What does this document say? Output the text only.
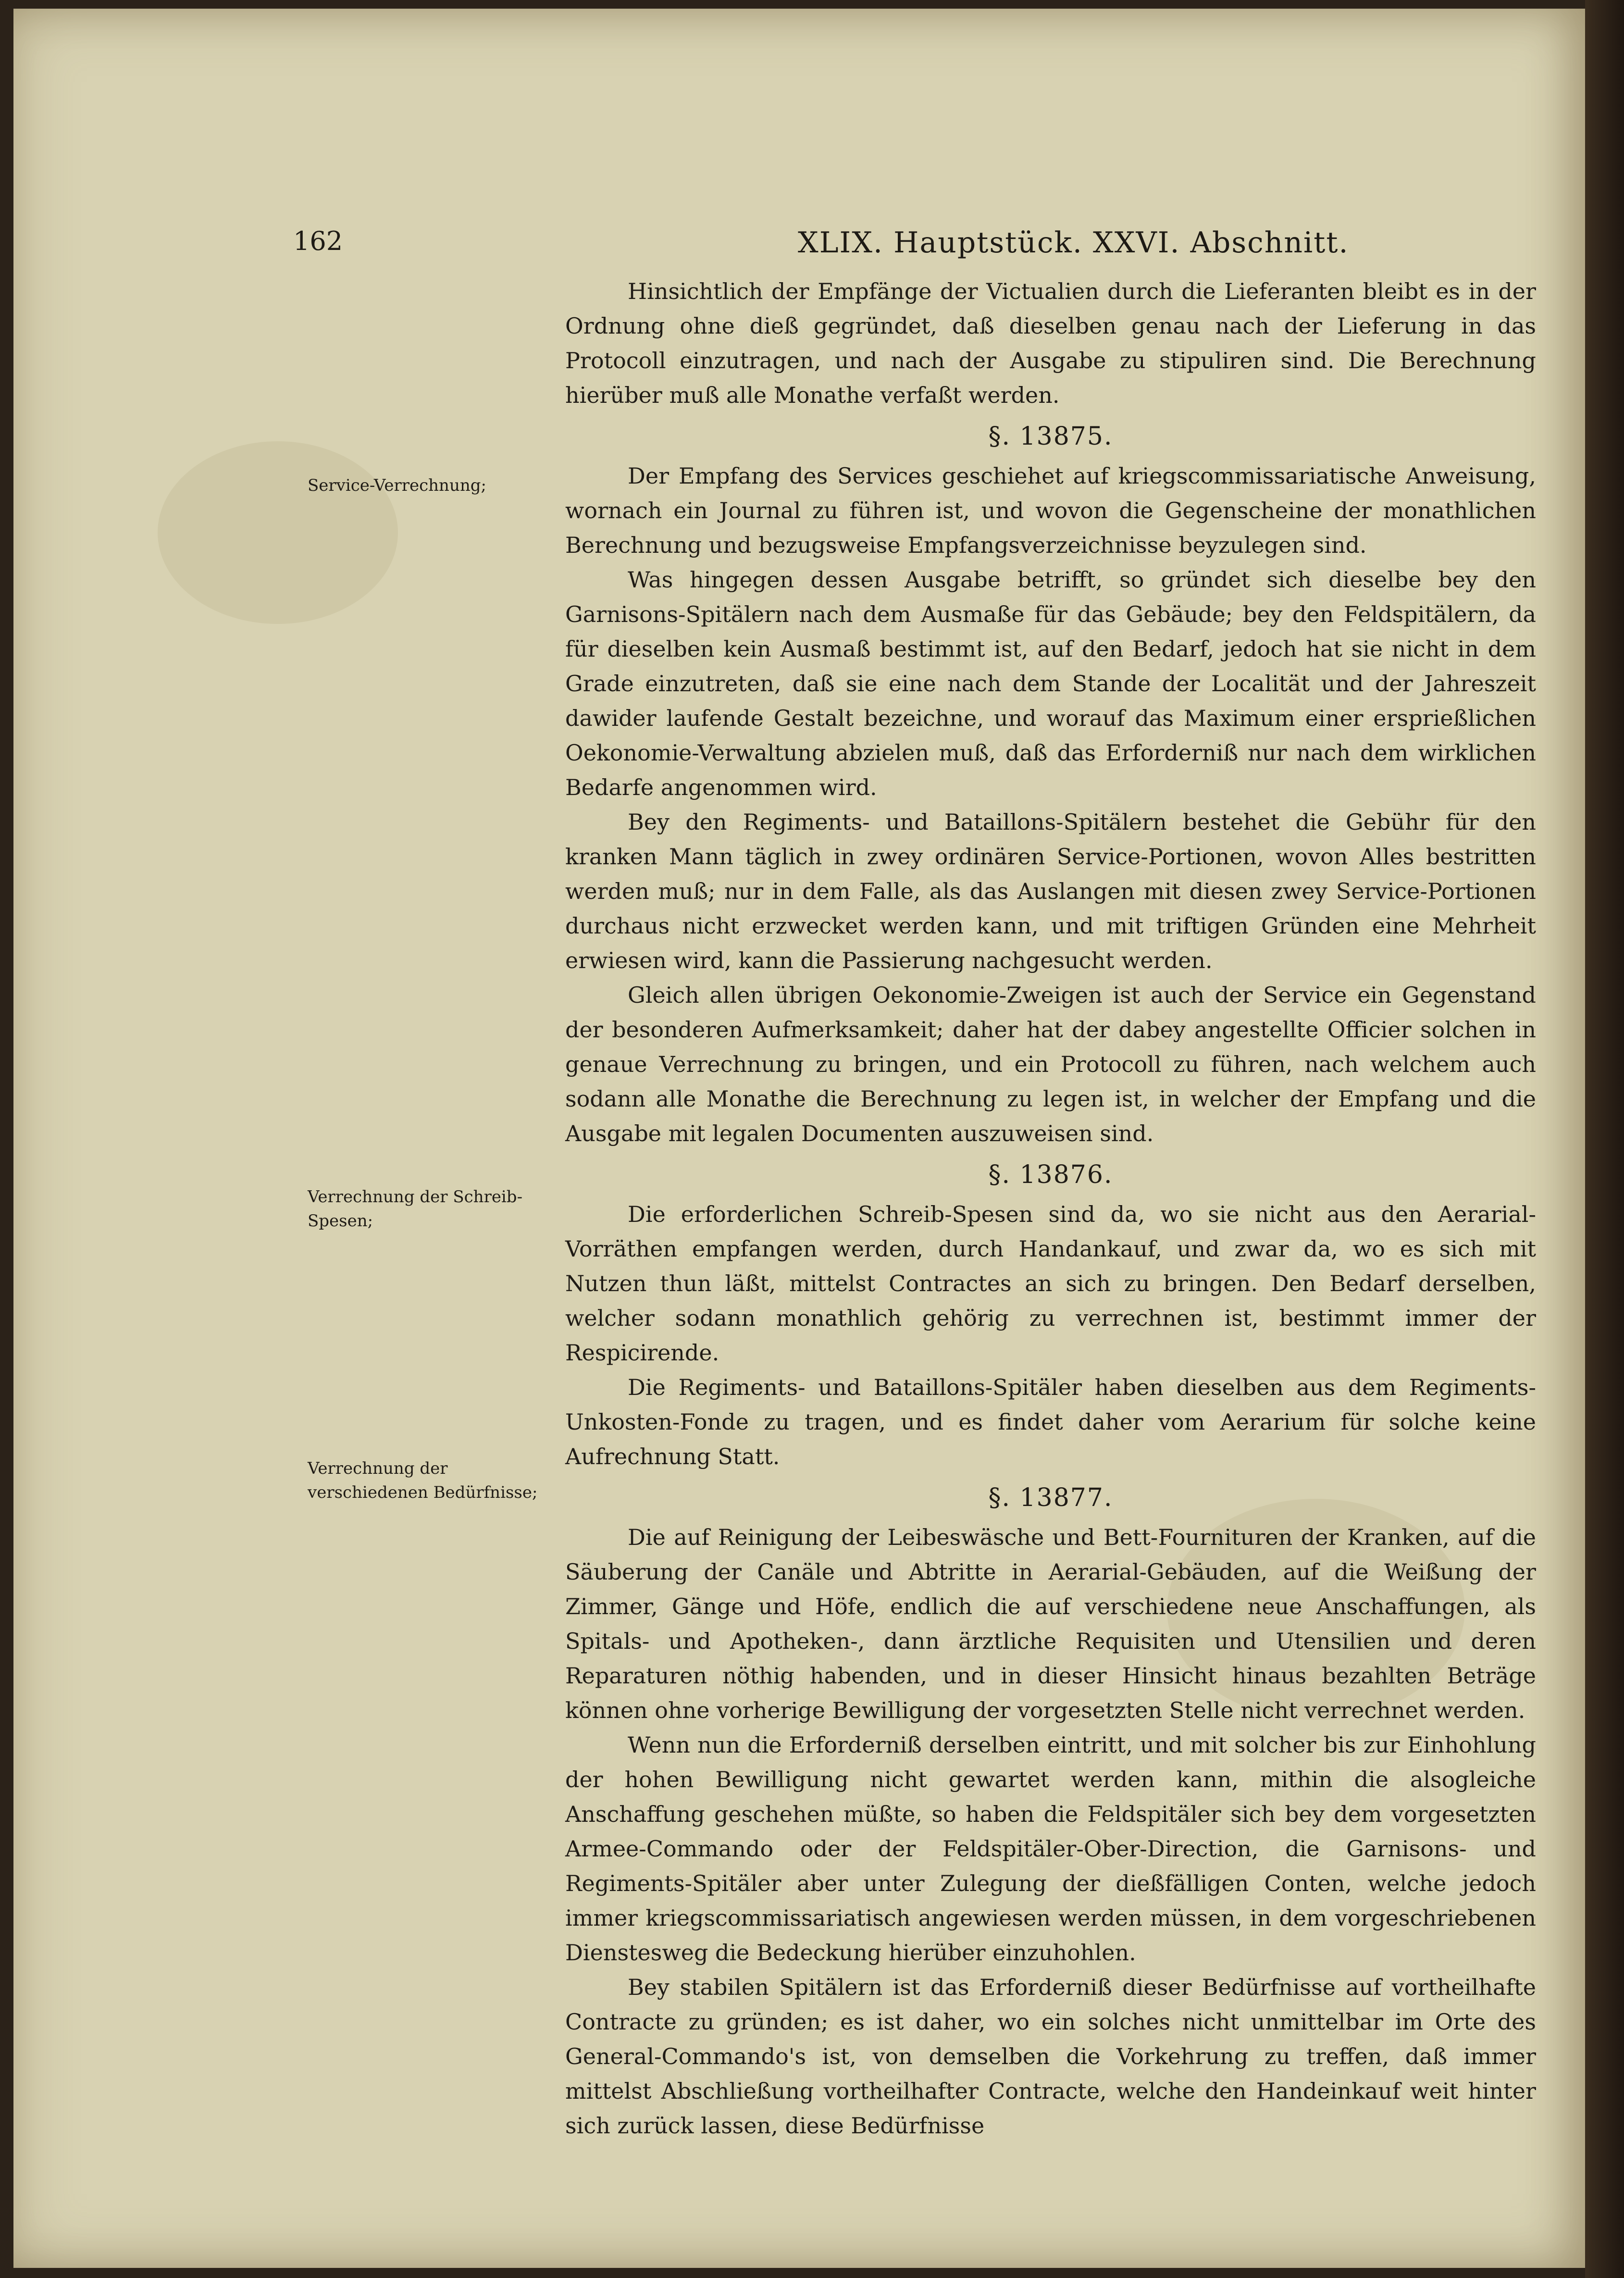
162	XLIX. Hauptstück. XXVI. Abschnitt.

Hinsichtlich der Empfänge der Victualien durch die Lieferanten bleibt es in der Ordnung ohne dieß gegründet, daß dieselben genau nach der Lieferung in das Protocoll einzutragen, und nach der Ausgabe zu stipuliren sind. Die Berechnung hierüber muß alle Monathe verfaßt werden.

§. 13875.

Der Empfang des Services geschiehet auf kriegscommissariatische Anweisung, wornach ein Journal zu führen ist, und wovon die Gegenscheine der monathlichen Berechnung und bezugsweise Empfangsverzeichnisse beyzulegen sind.

Was hingegen dessen Ausgabe betrifft, so gründet sich dieselbe bey den Garnisons-Spitälern nach dem Ausmaße für das Gebäude; bey den Feldspitälern, da für dieselben kein Ausmaß bestimmt ist, auf den Bedarf, jedoch hat sie nicht in dem Grade einzutreten, daß sie eine nach dem Stande der Localität und der Jahreszeit dawider laufende Gestalt bezeichne, und worauf das Maximum einer ersprießlichen Oekonomie-Verwaltung abzielen muß, daß das Erforderniß nur nach dem wirklichen Bedarfe angenommen wird.

Bey den Regiments- und Bataillons-Spitälern bestehet die Gebühr für den kranken Mann täglich in zwey ordinären Service-Portionen, wovon Alles bestritten werden muß; nur in dem Falle, als das Auslangen mit diesen zwey Service-Portionen durchaus nicht erzwecket werden kann, und mit triftigen Gründen eine Mehrheit erwiesen wird, kann die Passierung nachgesucht werden.

Gleich allen übrigen Oekonomie-Zweigen ist auch der Service ein Gegenstand der besonderen Aufmerksamkeit; daher hat der dabey angestellte Officier solchen in genaue Verrechnung zu bringen, und ein Protocoll zu führen, nach welchem auch sodann alle Monathe die Berechnung zu legen ist, in welcher der Empfang und die Ausgabe mit legalen Documenten auszuweisen sind.

§. 13876.

Die erforderlichen Schreib-Spesen sind da, wo sie nicht aus den Aerarial-Vorräthen empfangen werden, durch Handankauf, und zwar da, wo es sich mit Nutzen thun läßt, mittelst Contractes an sich zu bringen. Den Bedarf derselben, welcher sodann monathlich gehörig zu verrechnen ist, bestimmt immer der Respicirende.

Die Regiments- und Bataillons-Spitäler haben dieselben aus dem Regiments-Unkosten-Fonde zu tragen, und es findet daher vom Aerarium für solche keine Aufrechnung Statt.

§. 13877.

Die auf Reinigung der Leibeswäsche und Bett-Fournituren der Kranken, auf die Säuberung der Canäle und Abtritte in Aerarial-Gebäuden, auf die Weißung der Zimmer, Gänge und Höfe, endlich die auf verschiedene neue Anschaffungen, als Spitals- und Apotheken-, dann ärztliche Requisiten und Utensilien und deren Reparaturen nöthig habenden, und in dieser Hinsicht hinaus bezahlten Beträge können ohne vorherige Bewilligung der vorgesetzten Stelle nicht verrechnet werden.

Wenn nun die Erforderniß derselben eintritt, und mit solcher bis zur Einhohlung der hohen Bewilligung nicht gewartet werden kann, mithin die alsogleiche Anschaffung geschehen müßte, so haben die Feldspitäler sich bey dem vorgesetzten Armee-Commando oder der Feldspitäler-Ober-Direction, die Garnisons- und Regiments-Spitäler aber unter Zulegung der dießfälligen Conten, welche jedoch immer kriegscommissariatisch angewiesen werden müssen, in dem vorgeschriebenen Dienstesweg die Bedeckung hierüber einzuhohlen.

Bey stabilen Spitälern ist das Erforderniß dieser Bedürfnisse auf vortheilhafte Contracte zu gründen; es ist daher, wo ein solches nicht unmittelbar im Orte des General-Commando's ist, von demselben die Vorkehrung zu treffen, daß immer mittelst Abschließung vortheilhafter Contracte, welche den Handeinkauf weit hinter sich zurück lassen, diese Bedürfnisse

Service-Verrechnung;
Verrechnung der Schreib-Spesen;
Verrechnung der verschiedenen Bedürfnisse;
